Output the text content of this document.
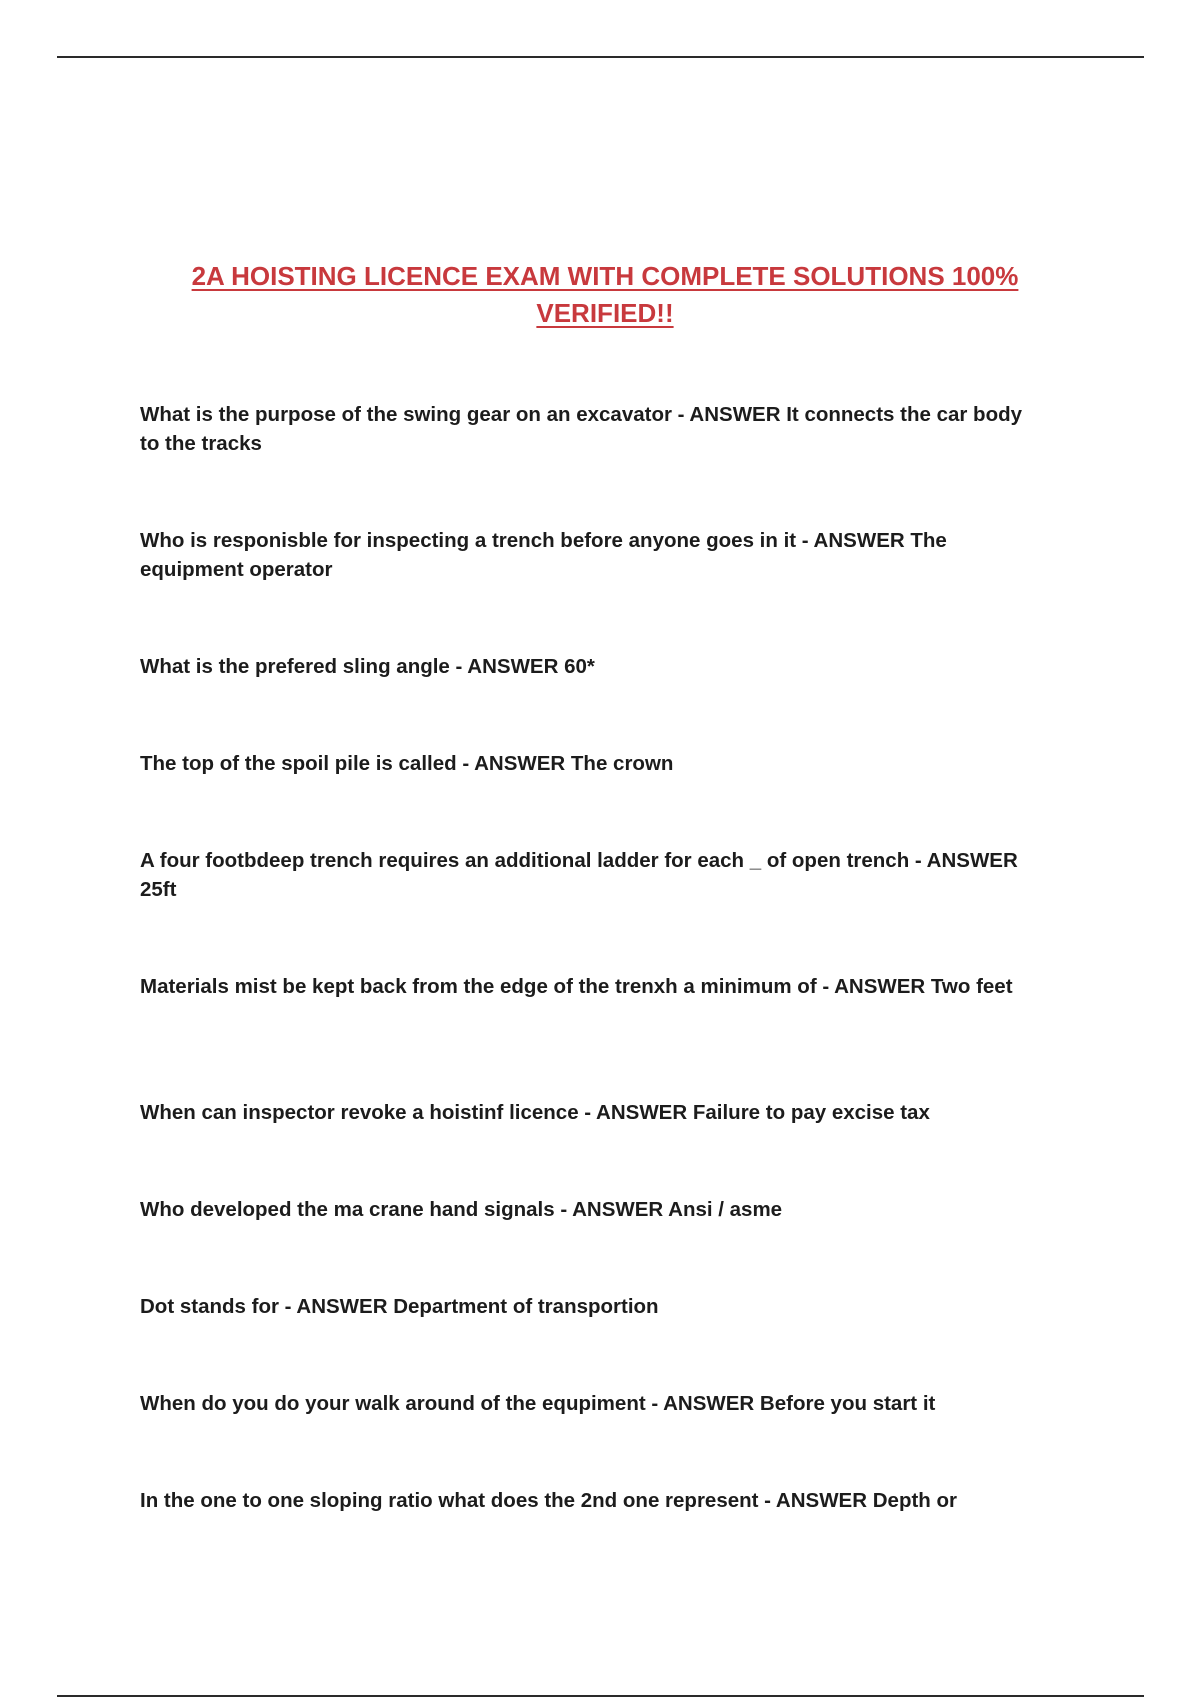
2A HOISTING LICENCE EXAM WITH COMPLETE SOLUTIONS 100% VERIFIED!!
What is the purpose of the swing gear on an excavator - ANSWER It connects the car body to the tracks
Who is responisble for inspecting a trench before anyone goes in it - ANSWER The equipment operator
What is the prefered sling angle - ANSWER 60*
The top of the spoil pile is called - ANSWER The crown
A four footbdeep trench requires an additional ladder for each _ of open trench - ANSWER 25ft
Materials mist be kept back from the edge of the trenxh a minimum of - ANSWER Two feet
When can inspector revoke a hoistinf licence - ANSWER Failure to pay excise tax
Who developed the ma crane hand signals - ANSWER Ansi / asme
Dot stands for - ANSWER Department of transportion
When do you do your walk around of the equpiment - ANSWER Before you start it
In the one to one sloping ratio what does the 2nd one represent - ANSWER Depth or
